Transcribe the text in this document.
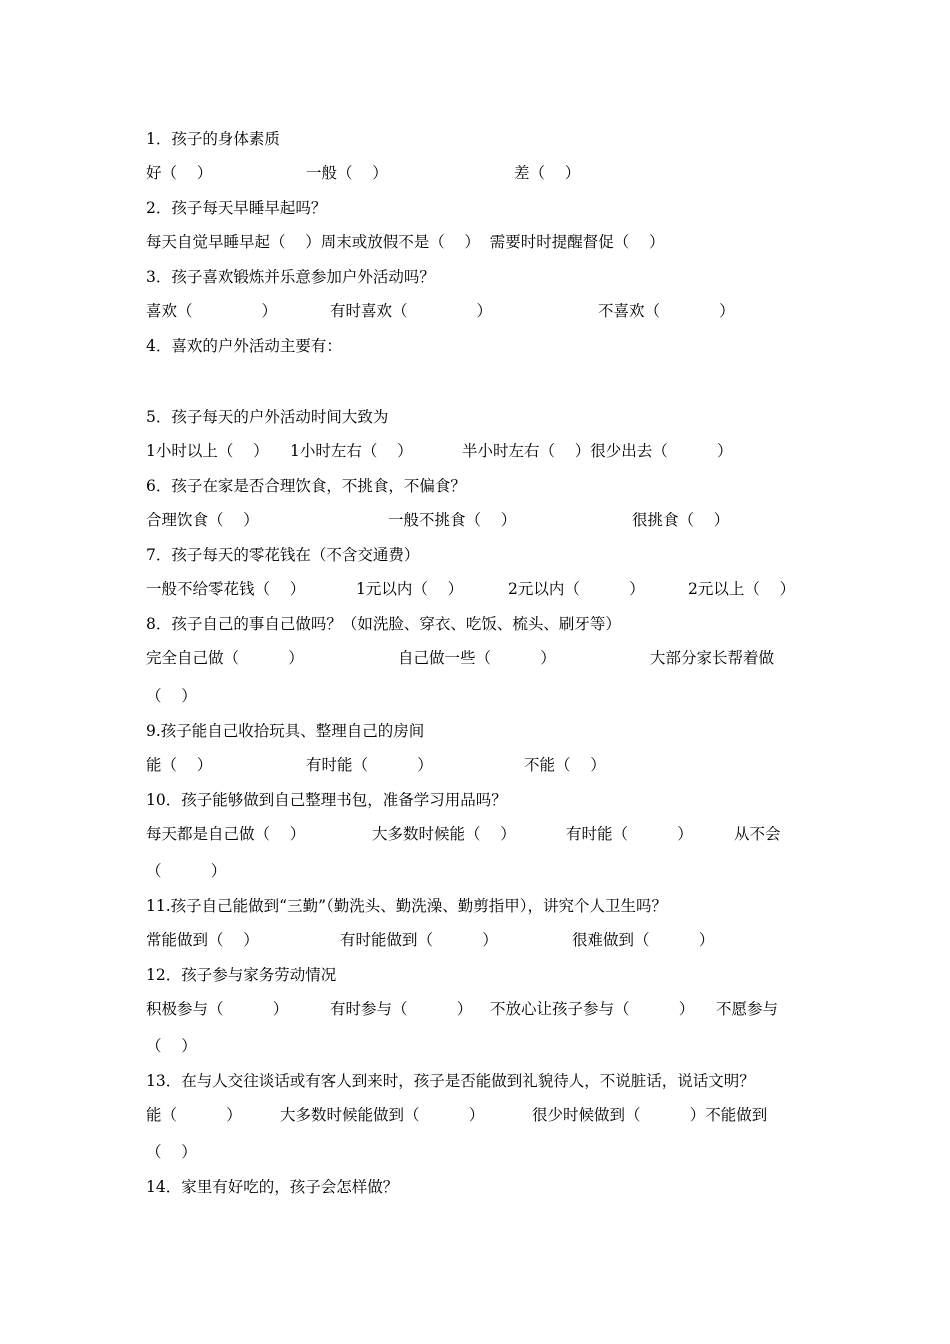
1．孩子的身体素质
好（    ）	一般（    ）	差（    ）
2．孩子每天早睡早起吗？
每天自觉早睡早起（    ）周末或放假不是（    ）  需要时时提醒督促（    ）
3．孩子喜欢锻炼并乐意参加户外活动吗？
喜欢（              ）	有时喜欢（              ）	不喜欢（            ）
4．喜欢的户外活动主要有：
5．孩子每天的户外活动时间大致为
1小时以上（    ） 1小时左右（    ）	半小时左右（    ）很少出去（          ）
6．孩子在家是否合理饮食，不挑食，不偏食？
合理饮食（    ）	一般不挑食（    ）	很挑食（    ）
7．孩子每天的零花钱在（不含交通费）
一般不给零花钱（    ）	1元以内（    ）	2元以内（          ）	2元以上（    ）
8．孩子自己的事自己做吗？（如洗脸、穿衣、吃饭、梳头、刷牙等）
完全自己做（          ）	自己做一些（          ）	大部分家长帮着做
（    ）
9.孩子能自己收拾玩具、整理自己的房间
能（    ）	有时能（          ）	不能（    ）
10．孩子能够做到自己整理书包，准备学习用品吗？
每天都是自己做（    ）	大多数时候能（    ）	有时能（          ）	从不会
（          ）
11.孩子自己能做到“三勤”（勤洗头、勤洗澡、勤剪指甲），讲究个人卫生吗？
常能做到（    ）	有时能做到（          ）	很难做到（          ）
12．孩子参与家务劳动情况
积极参与（          ）	有时参与（          ） 不放心让孩子参与（          ） 不愿参与
（    ）
13．在与人交往谈话或有客人到来时，孩子是否能做到礼貌待人，不说脏话，说话文明？
能（          ） 大多数时候能做到（          ）	很少时候做到（          ）不能做到
（    ）
14．家里有好吃的，孩子会怎样做？
